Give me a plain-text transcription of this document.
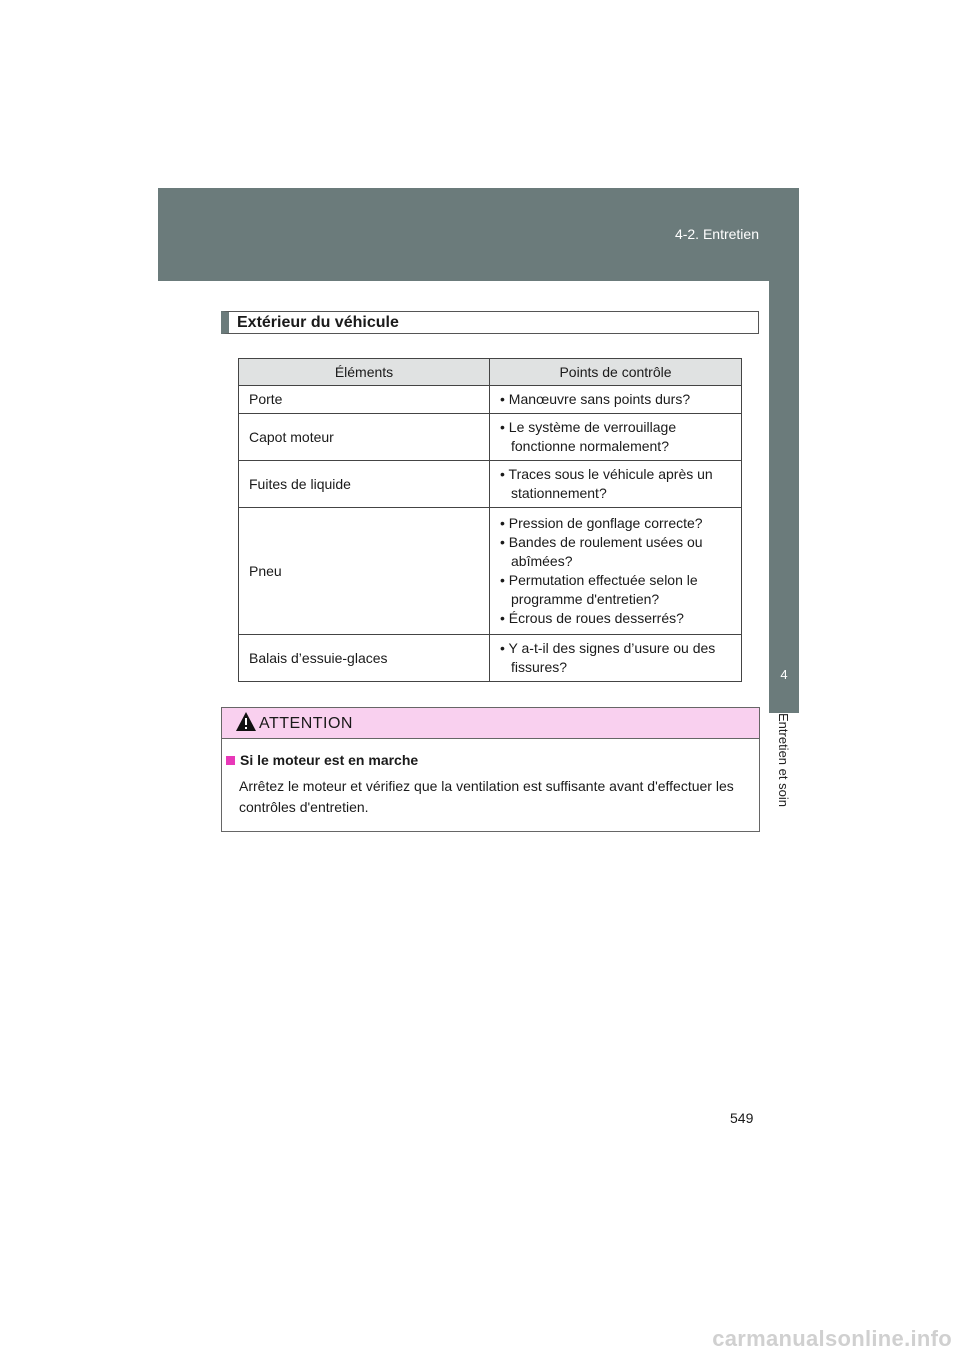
4-2. Entretien
4
Entretien et soin
Extérieur du véhicule
Éléments	Points de contrôle
Porte	• Manœuvre sans points durs?

Capot moteur	• Le système de verrouillage fonctionne normalement?

Fuites de liquide	• Traces sous le véhicule après un stationnement?

Pneu	• Pression de gonflage correcte?
• Bandes de roulement usées ou abîmées?
• Permutation effectuée selon le programme d'entretien?
• Écrous de roues desserrés?

Balais d’essuie-glaces	• Y a-t-il des signes d’usure ou des fissures?
ATTENTION
Si le moteur est en marche
Arrêtez le moteur et vérifiez que la ventilation est suffisante avant d'effectuer les contrôles d'entretien.
549
carmanualsonline.info
